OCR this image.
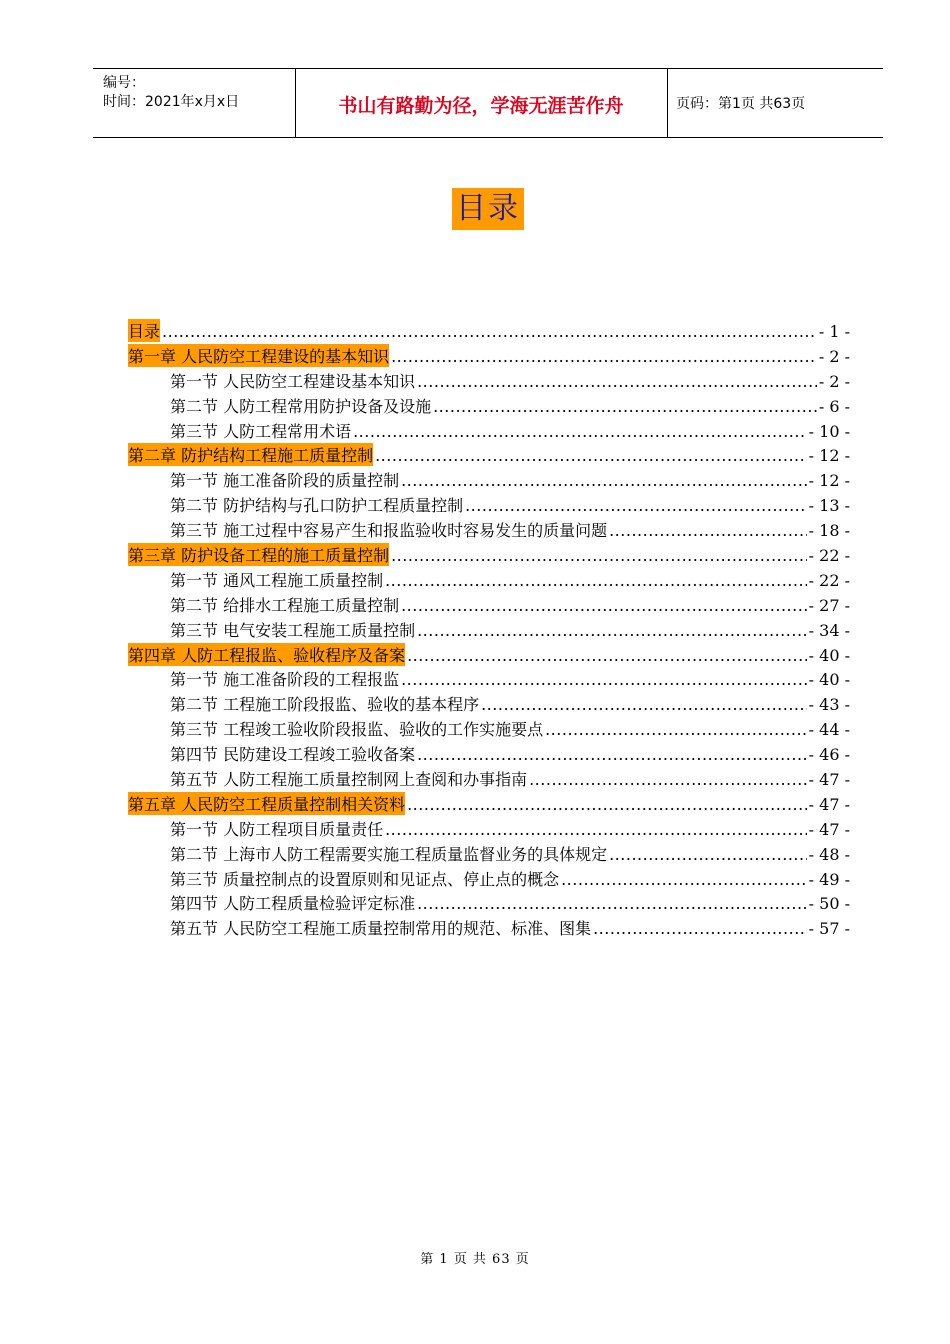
编号：
时间：2021年x月x日	书山有路勤为径，学海无涯苦作舟	页码：第1页 共63页
目录
目录 .....	- 1 -
第一章 人民防空工程建设的基本知识 .....	- 2 -
第一节 人民防空工程建设基本知识 .....	- 2 -
第二节 人防工程常用防护设备及设施 .....	- 6 -
第三节 人防工程常用术语 .....	- 10 -
第二章 防护结构工程施工质量控制 .....	- 12 -
第一节 施工准备阶段的质量控制 .....	- 12 -
第二节 防护结构与孔口防护工程质量控制 .....	- 13 -
第三节 施工过程中容易产生和报监验收时容易发生的质量问题 .....	- 18 -
第三章 防护设备工程的施工质量控制 .....	- 22 -
第一节 通风工程施工质量控制 .....	- 22 -
第二节 给排水工程施工质量控制 .....	- 27 -
第三节 电气安装工程施工质量控制 .....	- 34 -
第四章 人防工程报监、验收程序及备案 .....	- 40 -
第一节 施工准备阶段的工程报监 .....	- 40 -
第二节 工程施工阶段报监、验收的基本程序 .....	- 43 -
第三节 工程竣工验收阶段报监、验收的工作实施要点 .....	- 44 -
第四节 民防建设工程竣工验收备案 .....	- 46 -
第五节 人防工程施工质量控制网上查阅和办事指南 .....	- 47 -
第五章 人民防空工程质量控制相关资料 .....	- 47 -
第一节 人防工程项目质量责任 .....	- 47 -
第二节 上海市人防工程需要实施工程质量监督业务的具体规定 .....	- 48 -
第三节 质量控制点的设置原则和见证点、停止点的概念 .....	- 49 -
第四节 人防工程质量检验评定标准 .....	- 50 -
第五节 人民防空工程施工质量控制常用的规范、标准、图集 .....	- 57 -
第 1 页 共 63 页
